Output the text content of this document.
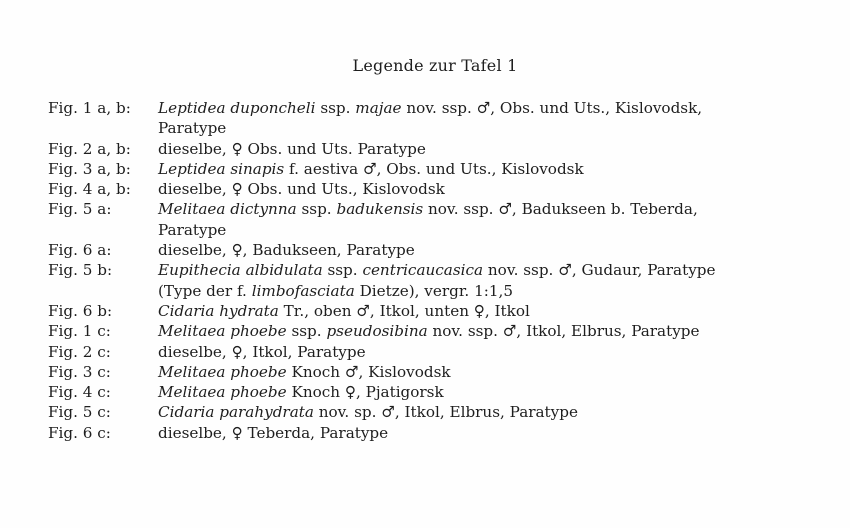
Legende zur Tafel 1
Fig. 1 a, b:	Leptidea duponcheli ssp. majae nov. ssp. ♂, Obs. und Uts., Kislovodsk,
Paratype
Fig. 2 a, b:	dieselbe, ♀ Obs. und Uts. Paratype
Fig. 3 a, b:	Leptidea sinapis f. aestiva ♂, Obs. und Uts., Kislovodsk
Fig. 4 a, b:	dieselbe, ♀ Obs. und Uts., Kislovodsk
Fig. 5 a:	Melitaea dictynna ssp. badukensis nov. ssp. ♂, Badukseen b. Teberda,
Paratype
Fig. 6 a:	dieselbe, ♀, Badukseen, Paratype
Fig. 5 b:	Eupithecia albidulata ssp. centricaucasica nov. ssp. ♂, Gudaur, Paratype
(Type der f. limbofasciata Dietze), vergr. 1:1,5
Fig. 6 b:	Cidaria hydrata Tr., oben ♂, Itkol, unten ♀, Itkol
Fig. 1 c:	Melitaea phoebe ssp. pseudosibina nov. ssp. ♂, Itkol, Elbrus, Paratype
Fig. 2 c:	dieselbe, ♀, Itkol, Paratype
Fig. 3 c:	Melitaea phoebe Knoch ♂, Kislovodsk
Fig. 4 c:	Melitaea phoebe Knoch ♀, Pjatigorsk
Fig. 5 c:	Cidaria parahydrata nov. sp. ♂, Itkol, Elbrus, Paratype
Fig. 6 c:	dieselbe, ♀ Teberda, Paratype
